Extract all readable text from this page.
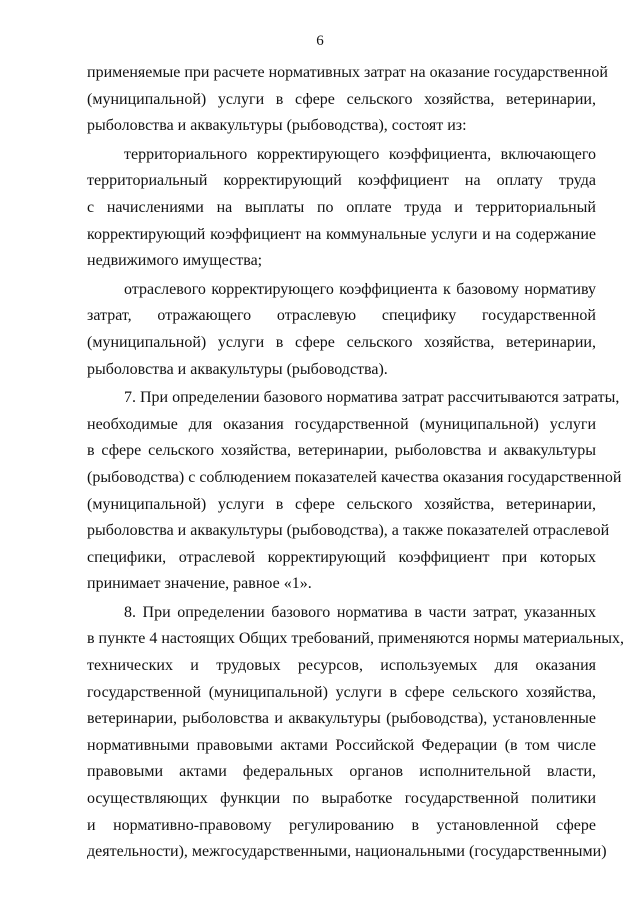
6
применяемые при расчете нормативных затрат на оказание государственной
(муниципальной) услуги в сфере сельского хозяйства, ветеринарии,
рыболовства и аквакультуры (рыбоводства), состоят из:
территориального корректирующего коэффициента, включающего
территориальный корректирующий коэффициент на оплату труда
с начислениями на выплаты по оплате труда и территориальный
корректирующий коэффициент на коммунальные услуги и на содержание
недвижимого имущества;
отраслевого корректирующего коэффициента к базовому нормативу
затрат, отражающего отраслевую специфику государственной
(муниципальной) услуги в сфере сельского хозяйства, ветеринарии,
рыболовства и аквакультуры (рыбоводства).
7. При определении базового норматива затрат рассчитываются затраты,
необходимые для оказания государственной (муниципальной) услуги
в сфере сельского хозяйства, ветеринарии, рыболовства и аквакультуры
(рыбоводства) с соблюдением показателей качества оказания государственной
(муниципальной) услуги в сфере сельского хозяйства, ветеринарии,
рыболовства и аквакультуры (рыбоводства), а также показателей отраслевой
специфики, отраслевой корректирующий коэффициент при которых
принимает значение, равное «1».
8. При определении базового норматива в части затрат, указанных
в пункте 4 настоящих Общих требований, применяются нормы материальных,
технических и трудовых ресурсов, используемых для оказания
государственной (муниципальной) услуги в сфере сельского хозяйства,
ветеринарии, рыболовства и аквакультуры (рыбоводства), установленные
нормативными правовыми актами Российской Федерации (в том числе
правовыми актами федеральных органов исполнительной власти,
осуществляющих функции по выработке государственной политики
и нормативно-правовому регулированию в установленной сфере
деятельности), межгосударственными, национальными (государственными)
